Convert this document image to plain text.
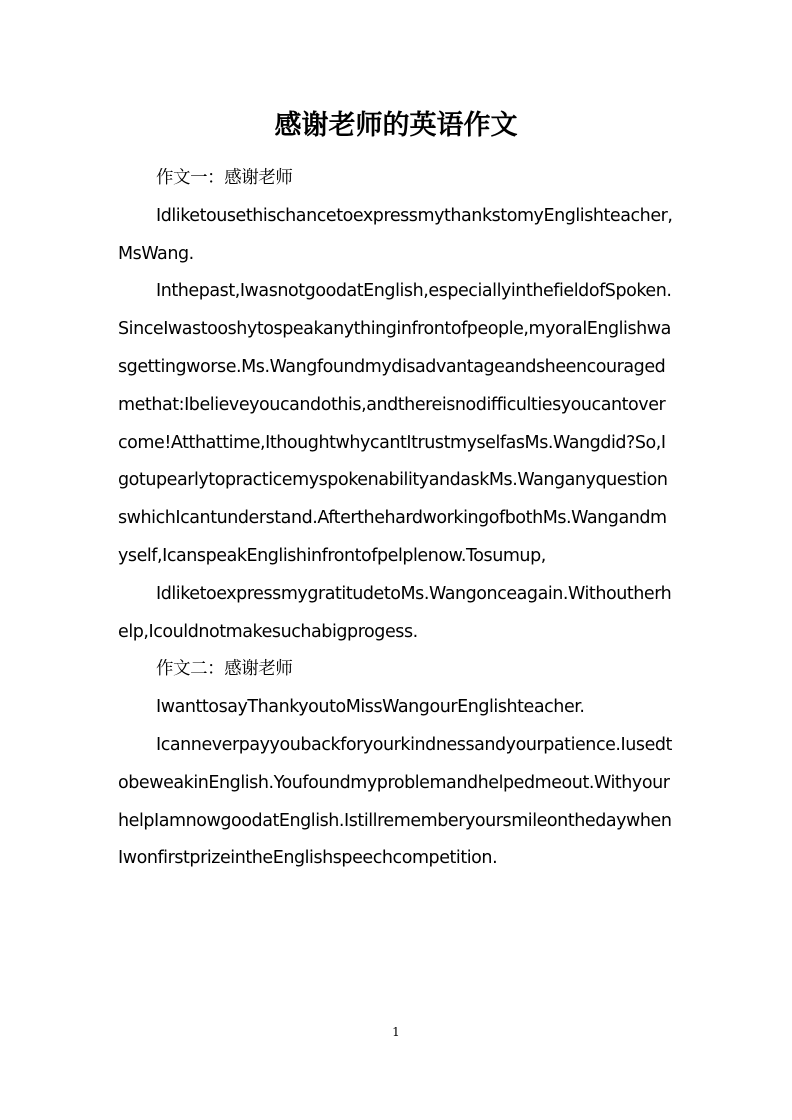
感谢老师的英语作文

作文一：感谢老师

IdliketousethischancetoexpressmythankstomyEnglishteacher,MsWang.

Inthepast,IwasnotgoodatEnglish,especiallyinthefieldofSpoken.SinceIwastooshytospeakanythinginfrontofpeople,myoralEnglishwasgettingworse.Ms.Wangfoundmydisadvantageandsheencouragedmethat:Ibelieveyoucandothis,andthereisnodifficultiesyoucantovercome!Atthattime,IthoughtwhycantItrustmyselfasMs.Wangdid?So,IgotupearlytopracticemyspokenabilityandaskMs.WanganyquestionswhichIcantunderstand.AfterthehardworkingofbothMs.Wangandmyself,IcanspeakEnglishinfrontofpelplenow.Tosumup,

IdliketoexpressmygratitudetoMs.Wangonceagain.Withoutherhelp,Icouldnotmakesuchabigprogess.

作文二：感谢老师

IwanttosayThankyoutoMissWangourEnglishteacher.

Icanneverpayyoubackforyourkindnessandyourpatience.IusedtobeweakinEnglish.Youfoundmyproblemandhelpedmeout.WithyourhelpIamnowgoodatEnglish.IstillrememberyoursmileonthedaywhenIwonfirstprizeintheEnglishspeechcompetition.

1
